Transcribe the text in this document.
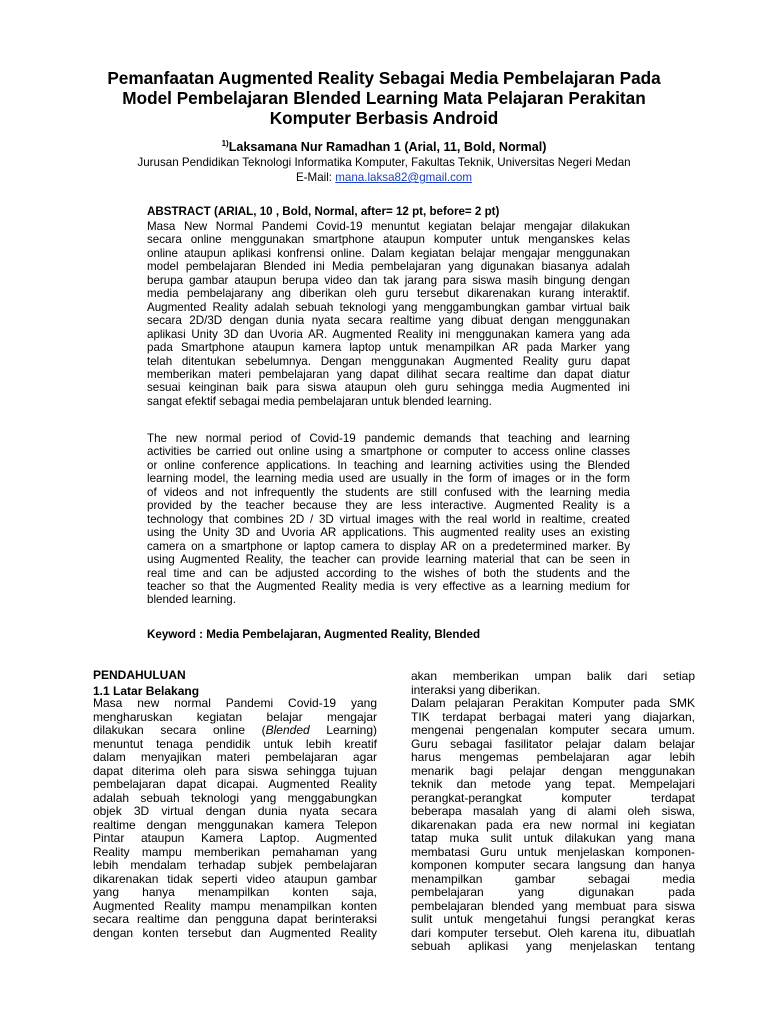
Pemanfaatan Augmented Reality Sebagai Media Pembelajaran Pada
Model Pembelajaran Blended Learning Mata Pelajaran Perakitan
Komputer Berbasis Android
$^{1)}$Laksamana Nur Ramadhan 1 (Arial, 11, Bold, Normal)
Jurusan Pendidikan Teknologi Informatika Komputer, Fakultas Teknik, Universitas Negeri Medan
E-Mail: mana.laksa82@gmail.com
ABSTRACT (ARIAL, 10 , Bold, Normal, after= 12 pt, before= 2 pt)
Masa New Normal Pandemi Covid-19 menuntut kegiatan belajar mengajar dilakukan
secara online menggunakan smartphone ataupun komputer untuk menganskes kelas
online ataupun aplikasi konfrensi online. Dalam kegiatan belajar mengajar menggunakan
model pembelajaran Blended ini Media pembelajaran yang digunakan biasanya adalah
berupa gambar ataupun berupa video dan tak jarang para siswa masih bingung dengan
media pembelajarany ang diberikan oleh guru tersebut dikarenakan kurang interaktif.
Augmented Reality adalah sebuah teknologi yang menggambungkan gambar virtual baik
secara 2D/3D dengan dunia nyata secara realtime yang dibuat dengan menggunakan
aplikasi Unity 3D dan Uvoria AR. Augmented Reality ini menggunakan kamera yang ada
pada Smartphone ataupun kamera laptop untuk menampilkan AR pada Marker yang
telah ditentukan sebelumnya. Dengan menggunakan Augmented Reality guru dapat
memberikan materi pembelajaran yang dapat dilihat secara realtime dan dapat diatur
sesuai keinginan baik para siswa ataupun oleh guru sehingga media Augmented ini
sangat efektif sebagai media pembelajaran untuk blended learning.
The new normal period of Covid-19 pandemic demands that teaching and learning
activities be carried out online using a smartphone or computer to access online classes
or online conference applications. In teaching and learning activities using the Blended
learning model, the learning media used are usually in the form of images or in the form
of videos and not infrequently the students are still confused with the learning media
provided by the teacher because they are less interactive. Augmented Reality is a
technology that combines 2D / 3D virtual images with the real world in realtime, created
using the Unity 3D and Uvoria AR applications. This augmented reality uses an existing
camera on a smartphone or laptop camera to display AR on a predetermined marker. By
using Augmented Reality, the teacher can provide learning material that can be seen in
real time and can be adjusted according to the wishes of both the students and the
teacher so that the Augmented Reality media is very effective as a learning medium for
blended learning.
Keyword : Media Pembelajaran, Augmented Reality, Blended
PENDAHULUAN
1.1 Latar Belakang
Masa new normal Pandemi Covid-19 yang
mengharuskan kegiatan belajar mengajar
dilakukan secara online (Blended Learning)
menuntut tenaga pendidik untuk lebih kreatif
dalam menyajikan materi pembelajaran agar
dapat diterima oleh para siswa sehingga tujuan
pembelajaran dapat dicapai. Augmented Reality
adalah sebuah teknologi yang menggabungkan
objek 3D virtual dengan dunia nyata secara
realtime dengan menggunakan kamera Telepon
Pintar ataupun Kamera Laptop. Augmented
Reality mampu memberikan pemahaman yang
lebih mendalam terhadap subjek pembelajaran
dikarenakan tidak seperti video ataupun gambar
yang hanya menampilkan konten saja,
Augmented Reality mampu menampilkan konten
secara realtime dan pengguna dapat berinteraksi
dengan konten tersebut dan Augmented Reality
akan memberikan umpan balik dari setiap
interaksi yang diberikan.
Dalam pelajaran Perakitan Komputer pada SMK
TIK terdapat berbagai materi yang diajarkan,
mengenai pengenalan komputer secara umum.
Guru sebagai fasilitator pelajar dalam belajar
harus mengemas pembelajaran agar lebih
menarik bagi pelajar dengan menggunakan
teknik dan metode yang tepat. Mempelajari
perangkat-perangkat komputer terdapat
beberapa masalah yang di alami oleh siswa,
dikarenakan pada era new normal ini kegiatan
tatap muka sulit untuk dilakukan yang mana
membatasi Guru untuk menjelaskan komponen-
komponen komputer secara langsung dan hanya
menampilkan gambar sebagai media
pembelajaran yang digunakan pada
pembelajaran blended yang membuat para siswa
sulit untuk mengetahui fungsi perangkat keras
dari komputer tersebut. Oleh karena itu, dibuatlah
sebuah aplikasi yang menjelaskan tentang
